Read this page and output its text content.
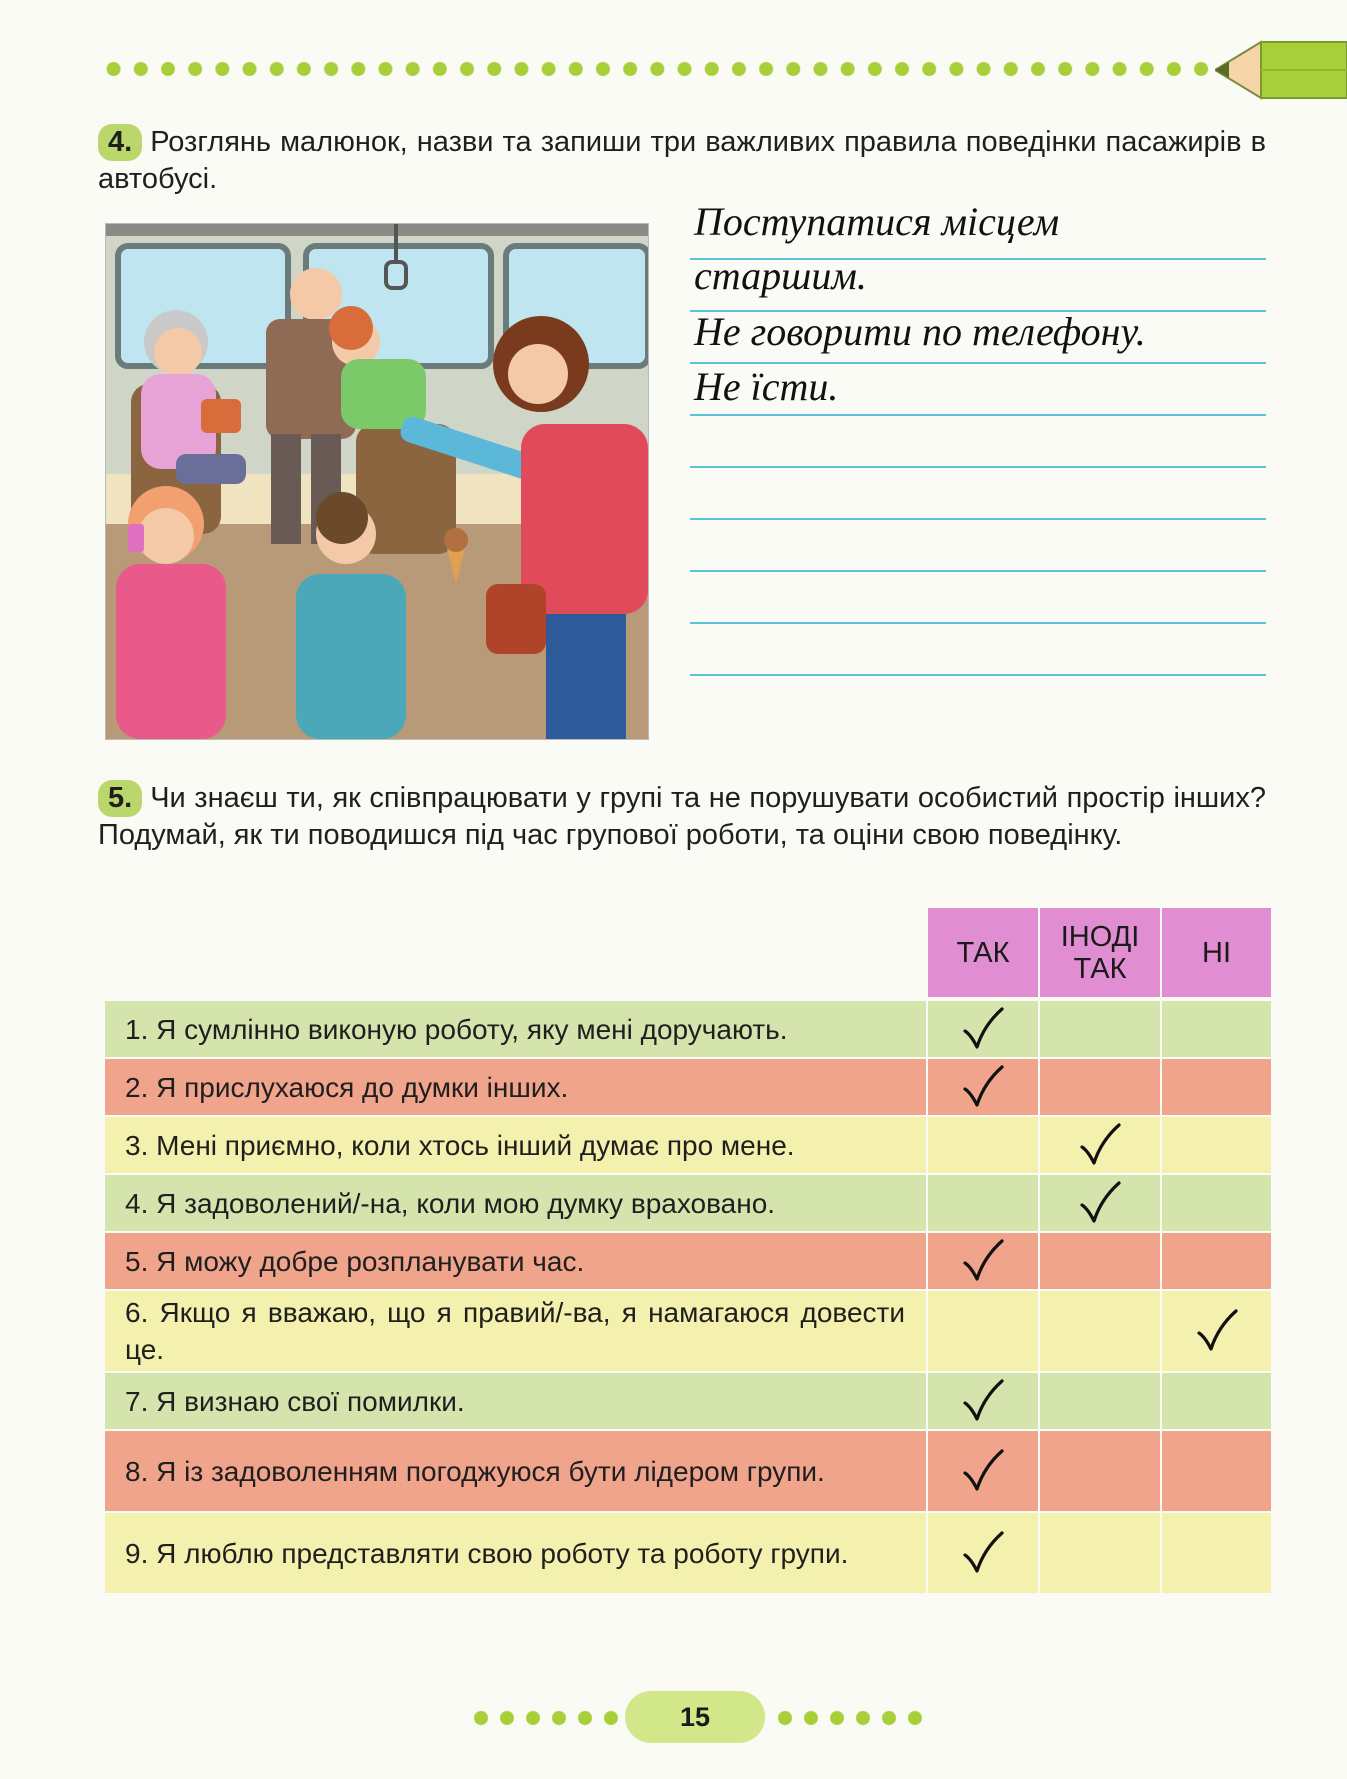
4. Розглянь малюнок, назви та запиши три важливих правила поведінки пасажирів в автобусі.
Поступатися місцем
старшим.
Не говорити по телефону.
Не їсти.
5. Чи знаєш ти, як співпрацювати у групі та не порушувати особистий простір інших? Подумай, як ти поводишся під час групової роботи, та оціни свою поведінку.
ТАК	ІНОДІ ТАК	НІ
1. Я сумлінно виконую роботу, яку мені доручають.
2. Я прислухаюся до думки інших.
3. Мені приємно, коли хтось інший думає про мене.
4. Я задоволений/-на, коли мою думку враховано.
5. Я можу добре розпланувати час.
6. Якщо я вважаю, що я правий/-ва, я намагаюся довести це.
7. Я визнаю свої помилки.
8. Я із задоволенням погоджуюся бути лідером групи.
9. Я люблю представляти свою роботу та роботу групи.
15
